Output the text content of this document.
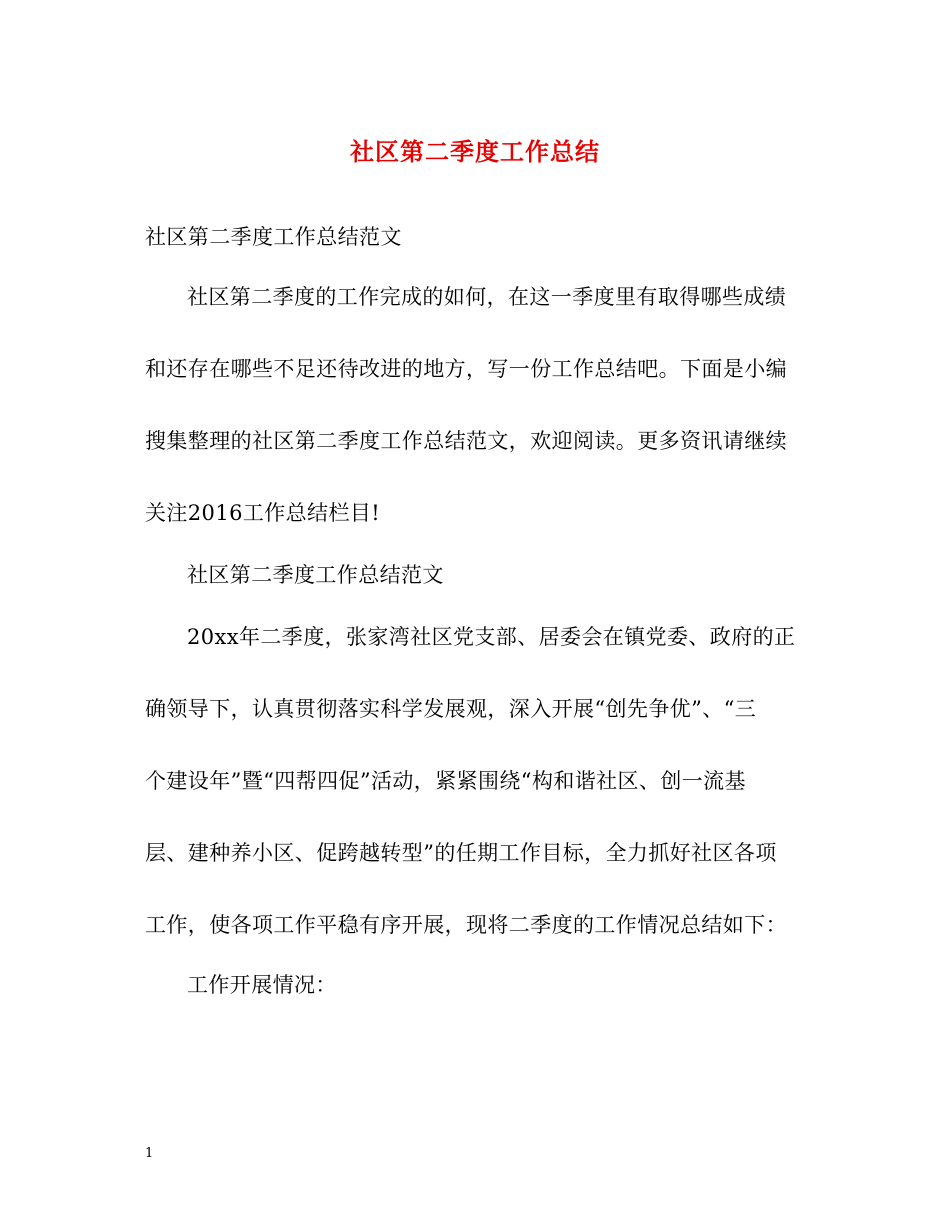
社区第二季度工作总结
社区第二季度工作总结范文
社区第二季度的工作完成的如何，在这一季度里有取得哪些成绩
和还存在哪些不足还待改进的地方，写一份工作总结吧。下面是小编
搜集整理的社区第二季度工作总结范文，欢迎阅读。更多资讯请继续
关注2016工作总结栏目!
社区第二季度工作总结范文
20xx年二季度，张家湾社区党支部、居委会在镇党委、政府的正
确领导下，认真贯彻落实科学发展观，深入开展“创先争优”、“三
个建设年”暨“四帮四促”活动，紧紧围绕“构和谐社区、创一流基
层、建种养小区、促跨越转型”的任期工作目标，全力抓好社区各项
工作，使各项工作平稳有序开展，现将二季度的工作情况总结如下：
工作开展情况：
1
